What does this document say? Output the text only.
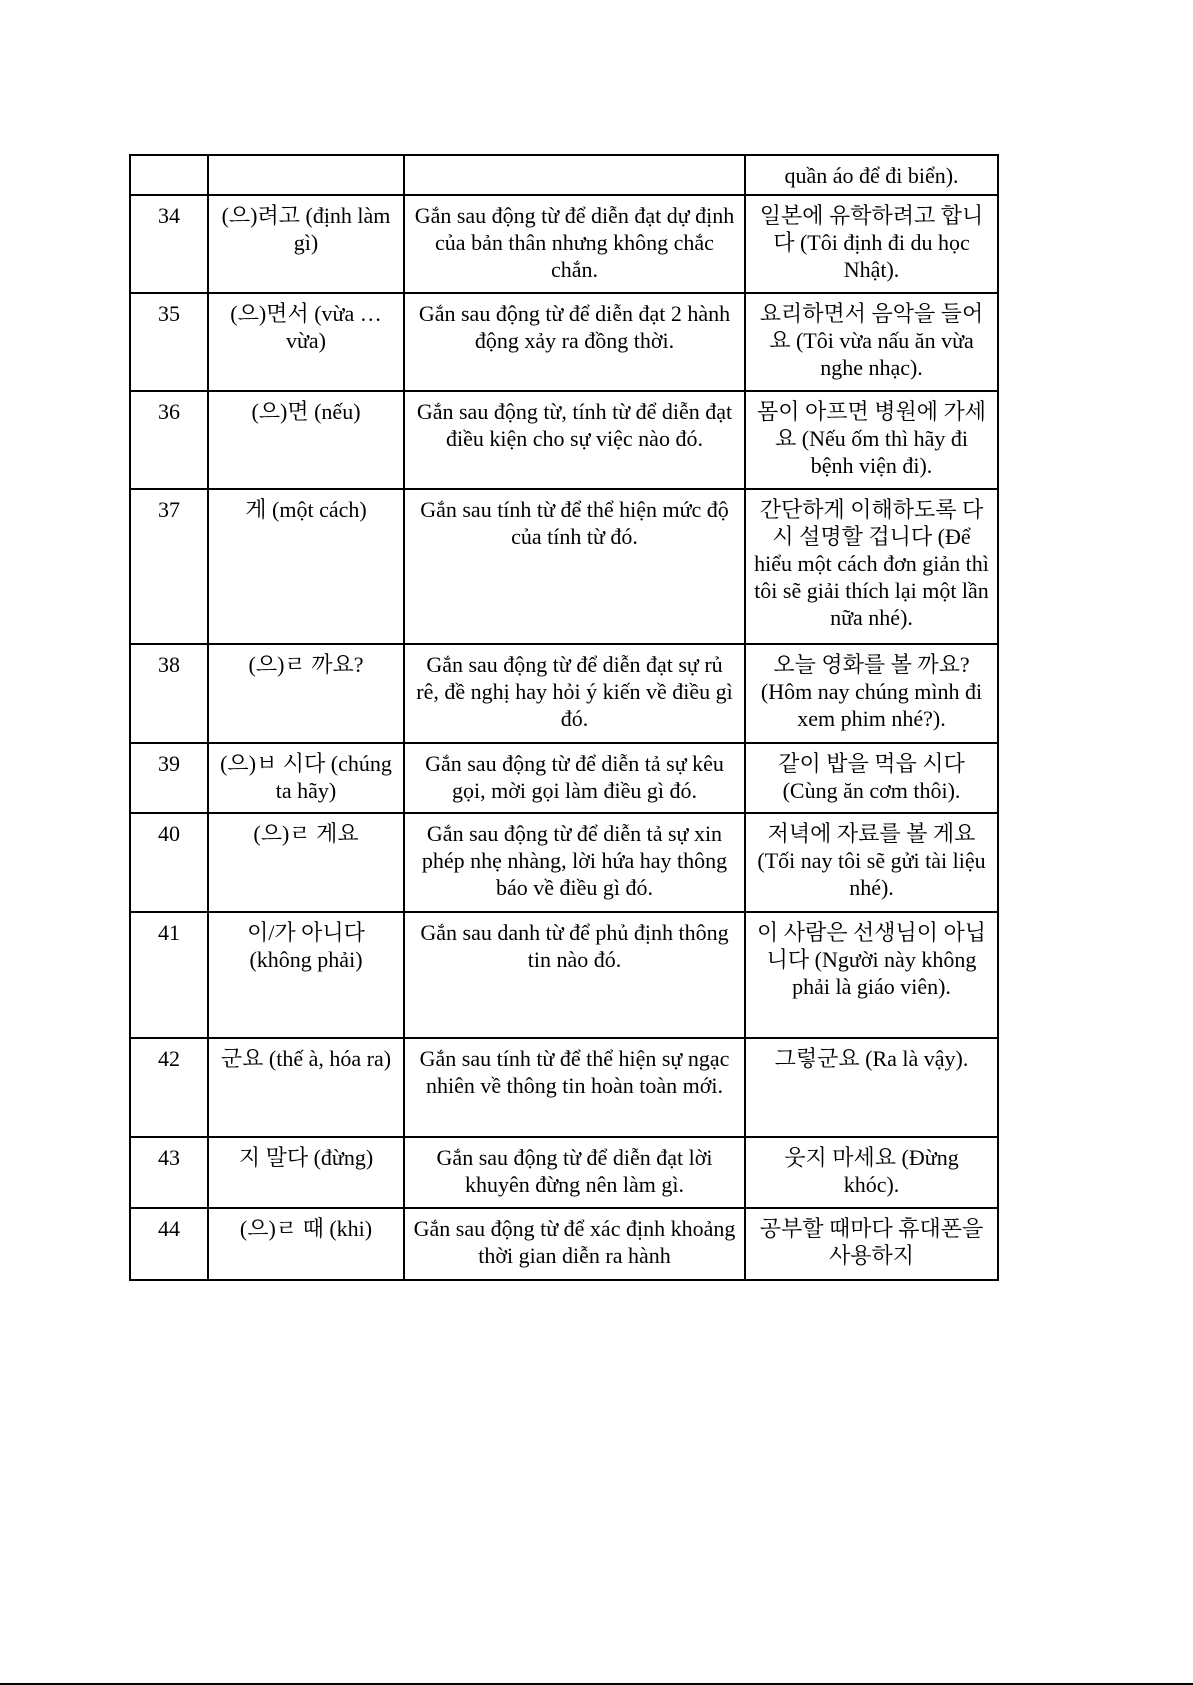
			quần áo để đi biển).
34	(으)려고 (định làm gì)	Gắn sau động từ để diễn đạt dự định của bản thân nhưng không chắc chắn.	일본에 유학하려고 합니다 (Tôi định đi du học Nhật).
35	(으)면서 (vừa … vừa)	Gắn sau động từ để diễn đạt 2 hành động xảy ra đồng thời.	요리하면서 음악을 들어요 (Tôi vừa nấu ăn vừa nghe nhạc).
36	(으)면 (nếu)	Gắn sau động từ, tính từ để diễn đạt điều kiện cho sự việc nào đó.	몸이 아프면 병원에 가세요 (Nếu ốm thì hãy đi bệnh viện đi).
37	게 (một cách)	Gắn sau tính từ để thể hiện mức độ của tính từ đó.	간단하게 이해하도록 다시 설명할 겁니다 (Để hiểu một cách đơn giản thì tôi sẽ giải thích lại một lần nữa nhé).
38	(으)ㄹ 까요?	Gắn sau động từ để diễn đạt sự rủ rê, đề nghị hay hỏi ý kiến về điều gì đó.	오늘 영화를 볼 까요? (Hôm nay chúng mình đi xem phim nhé?).
39	(으)ㅂ 시다 (chúng ta hãy)	Gắn sau động từ để diễn tả sự kêu gọi, mời gọi làm điều gì đó.	같이 밥을 먹읍 시다 (Cùng ăn cơm thôi).
40	(으)ㄹ 게요	Gắn sau động từ để diễn tả sự xin phép nhẹ nhàng, lời hứa hay thông báo về điều gì đó.	저녁에 자료를 볼 게요 (Tối nay tôi sẽ gửi tài liệu nhé).
41	이/가 아니다 (không phải)	Gắn sau danh từ để phủ định thông tin nào đó.	이 사람은 선생님이 아닙니다 (Người này không phải là giáo viên).
42	군요 (thế à, hóa ra)	Gắn sau tính từ để thể hiện sự ngạc nhiên về thông tin hoàn toàn mới.	그렇군요 (Ra là vậy).
43	지 말다 (đừng)	Gắn sau động từ để diễn đạt lời khuyên đừng nên làm gì.	웃지 마세요 (Đừng khóc).
44	(으)ㄹ 때 (khi)	Gắn sau động từ để xác định khoảng thời gian diễn ra hành	공부할 때마다 휴대폰을 사용하지
